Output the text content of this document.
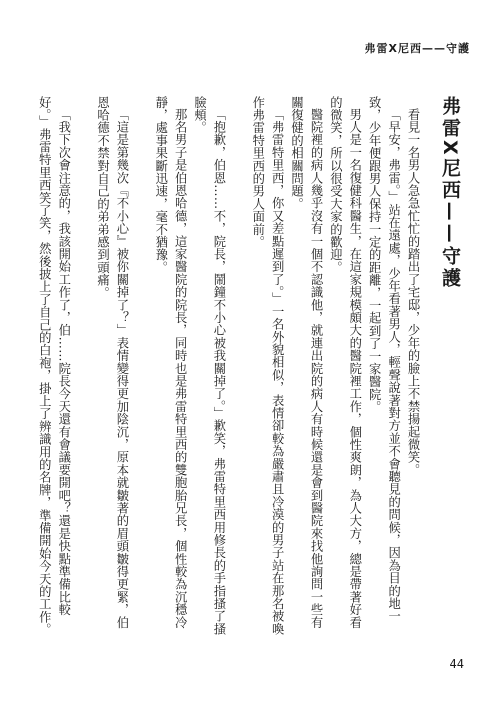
弗雷X尼西——守護
弗雷X尼西——守護

看見一名男人急急忙忙的踏出了宅邸，少年的臉上不禁揚起微笑。

「早安，弗雷。」站在遠處，少年看著男人，輕聲說著對方並不會聽見的問候，因為目的地一致，少年便跟男人保持一定的距離，一起到了一家醫院。

男人是一名復健科醫生，在這家規模頗大的醫院裡工作，個性爽朗，為人大方，總是帶著好看的微笑，所以很受大家的歡迎。

醫院裡的病人幾乎沒有一個不認識他，就連出院的病人有時候還是會到醫院來找他詢問一些有關復健的相關問題。

「弗雷特里西，你又差點遲到了。」一名外貌相似，表情卻較為嚴肅且冷漠的男子站在那名被喚作弗雷特里西的男人面前。

「抱歉，伯恩……不，院長，鬧鐘不小心被我關掉了。」歉笑，弗雷特里西用修長的手指搔了搔臉頰。

那名男子是伯恩哈德，這家醫院的院長，同時也是弗雷特里西的雙胞胎兄長，個性較為沉穩冷靜，處事果斷迅速，毫不猶豫。

「這是第幾次『不小心』被你關掉了？」表情變得更加陰沉，原本就皺著的眉頭皺得更緊，伯恩哈德不禁對自己的弟弟感到頭痛。

「我下次會注意的，我該開始工作了，伯……院長今天還有會議要開吧？還是快點準備比較好。」弗雷特里西笑了笑，然後披上了自己的白袍，掛上了辨識用的名牌，準備開始今天的工作。

44
